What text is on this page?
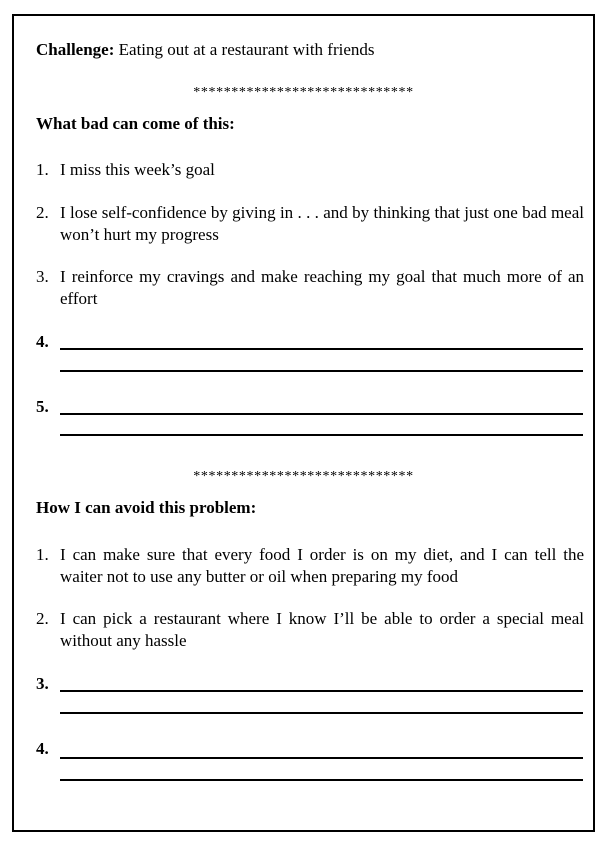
Challenge: Eating out at a restaurant with friends
*****************************
What bad can come of this:
1. I miss this week’s goal
2. I lose self-confidence by giving in . . . and by thinking that just one bad meal won’t hurt my progress
3. I reinforce my cravings and make reaching my goal that much more of an effort
4.
5.
*****************************
How I can avoid this problem:
1. I can make sure that every food I order is on my diet, and I can tell the waiter not to use any butter or oil when preparing my food
2. I can pick a restaurant where I know I’ll be able to order a special meal without any hassle
3.
4.
